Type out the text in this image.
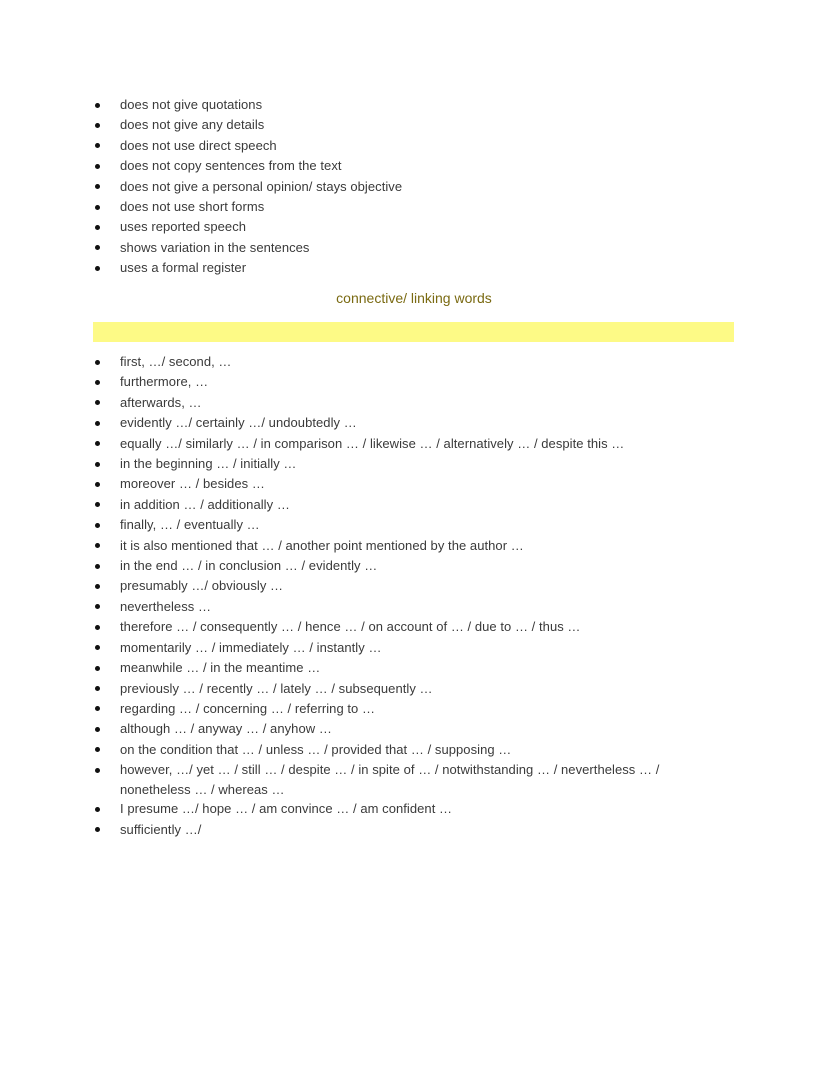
does not give quotations
does not give any details
does not use direct speech
does not copy sentences from the text
does not give a personal opinion/ stays objective
does not use short forms
uses reported speech
shows variation in the sentences
uses a formal register
connective/ linking words
first, …/ second, …
furthermore, …
afterwards, …
evidently …/ certainly …/ undoubtedly …
equally …/ similarly … / in comparison … / likewise … / alternatively … / despite this …
in the beginning … / initially …
moreover … / besides …
in addition … / additionally …
finally, … / eventually …
it is also mentioned that … / another point mentioned by the author …
in the end … / in conclusion … / evidently …
presumably …/ obviously …
nevertheless …
therefore … / consequently … / hence … / on account of … / due to … / thus …
momentarily … / immediately … / instantly …
meanwhile … / in the meantime …
previously … / recently … / lately … / subsequently …
regarding … / concerning … / referring to …
although … / anyway … / anyhow …
on the condition that … / unless … / provided that … / supposing …
however, …/ yet … / still … / despite … / in spite of … / notwithstanding … / nevertheless … / nonetheless … / whereas …
I presume …/ hope … / am convince … / am confident …
sufficiently …/
